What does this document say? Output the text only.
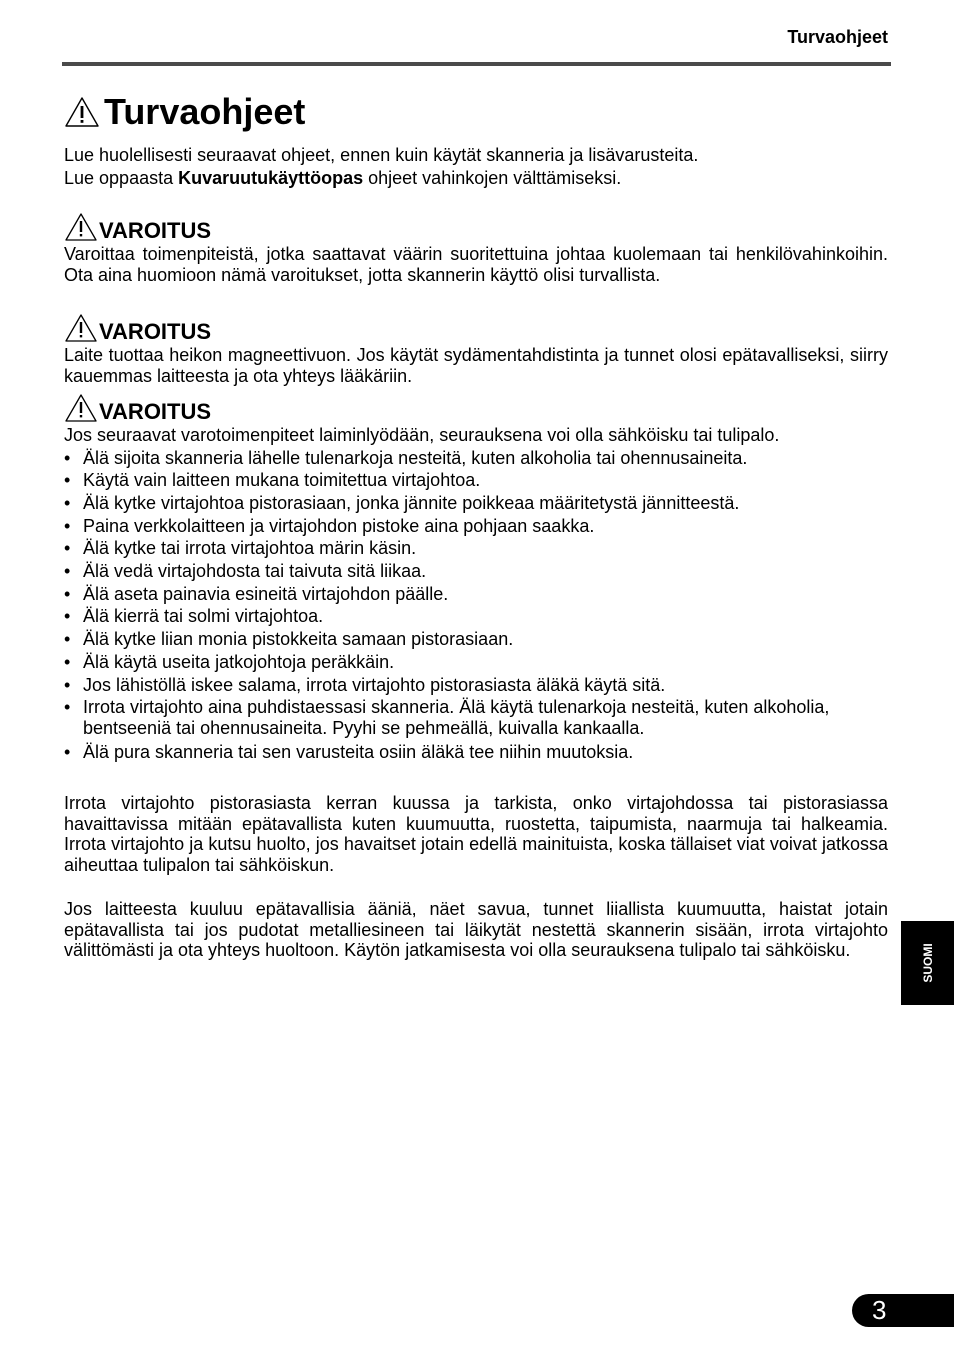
Turvaohjeet
Turvaohjeet

Lue huolellisesti seuraavat ohjeet, ennen kuin käytät skanneria ja lisävarusteita.

Lue oppaasta Kuvaruutukäyttöopas ohjeet vahinkojen välttämiseksi.

VAROITUS

Varoittaa toimenpiteistä, jotka saattavat väärin suoritettuina johtaa kuolemaan tai henkilövahinkoihin. Ota aina huomioon nämä varoitukset, jotta skannerin käyttö olisi turvallista.

VAROITUS

Laite tuottaa heikon magneettivuon. Jos käytät sydämentahdistinta ja tunnet olosi epätavalliseksi, siirry kauemmas laitteesta ja ota yhteys lääkäriin.

VAROITUS

Jos seuraavat varotoimenpiteet laiminlyödään, seurauksena voi olla sähköisku tai tulipalo.

• Älä sijoita skanneria lähelle tulenarkoja nesteitä, kuten alkoholia tai ohennusaineita.
• Käytä vain laitteen mukana toimitettua virtajohtoa.
• Älä kytke virtajohtoa pistorasiaan, jonka jännite poikkeaa määritetystä jännitteestä.
• Paina verkkolaitteen ja virtajohdon pistoke aina pohjaan saakka.
• Älä kytke tai irrota virtajohtoa märin käsin.
• Älä vedä virtajohdosta tai taivuta sitä liikaa.
• Älä aseta painavia esineitä virtajohdon päälle.
• Älä kierrä tai solmi virtajohtoa.
• Älä kytke liian monia pistokkeita samaan pistorasiaan.
• Älä käytä useita jatkojohtoja peräkkäin.
• Jos lähistöllä iskee salama, irrota virtajohto pistorasiasta äläkä käytä sitä.
• Irrota virtajohto aina puhdistaessasi skanneria. Älä käytä tulenarkoja nesteitä, kuten alkoholia, bentseeniä tai ohennusaineita. Pyyhi se pehmeällä, kuivalla kankaalla.
• Älä pura skanneria tai sen varusteita osiin äläkä tee niihin muutoksia.

Irrota virtajohto pistorasiasta kerran kuussa ja tarkista, onko virtajohdossa tai pistorasiassa havaittavissa mitään epätavallista kuten kuumuutta, ruostetta, taipumista, naarmuja tai halkeamia. Irrota virtajohto ja kutsu huolto, jos havaitset jotain edellä mainituista, koska tällaiset viat voivat jatkossa aiheuttaa tulipalon tai sähköiskun.

Jos laitteesta kuuluu epätavallisia ääniä, näet savua, tunnet liiallista kuumuutta, haistat jotain epätavallista tai jos pudotat metalliesineen tai läikytät nestettä skannerin sisään, irrota virtajohto välittömästi ja ota yhteys huoltoon. Käytön jatkamisesta voi olla seurauksena tulipalo tai sähköisku.	SUOMI
3
